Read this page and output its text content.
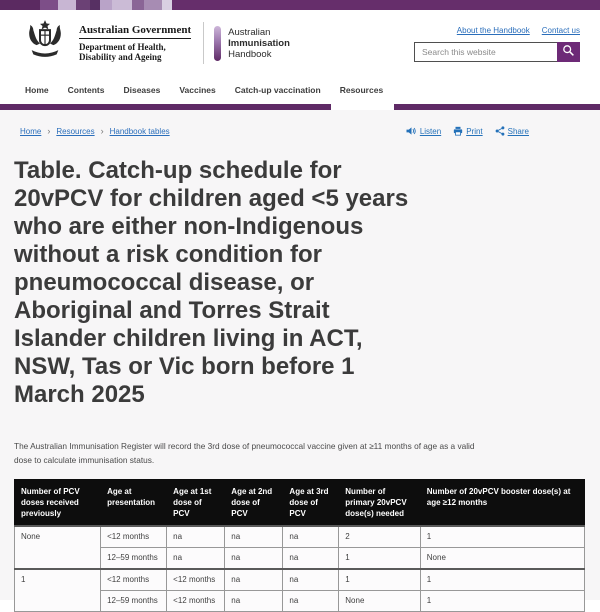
Australian Government
Department of Health,
Disability and Ageing
Australian
Immunisation
Handbook
About the Handbook Contact us
Search this website
Home Contents Diseases Vaccines Catch-up vaccination Resources
Home › Resources › Handbook tables	Listen	Print	Share
Table. Catch-up schedule for 20vPCV for children aged <5 years who are either non-Indigenous without a risk condition for pneumococcal disease, or Aboriginal and Torres Strait Islander children living in ACT, NSW, Tas or Vic born before 1 March 2025

The Australian Immunisation Register will record the 3rd dose of pneumococcal vaccine given at ≥11 months of age as a valid dose to calculate immunisation status.

Number of PCV doses received previously	Age at presentation	Age at 1st dose of PCV	Age at 2nd dose of PCV	Age at 3rd dose of PCV	Number of primary 20vPCV dose(s) needed	Number of 20vPCV booster dose(s) at age ≥12 months
None	<12 months	na	na	na	2	1
	12–59 months	na	na	na	1	None
1	<12 months	<12 months	na	na	1	1
	12–59 months	<12 months	na	na	None	1
